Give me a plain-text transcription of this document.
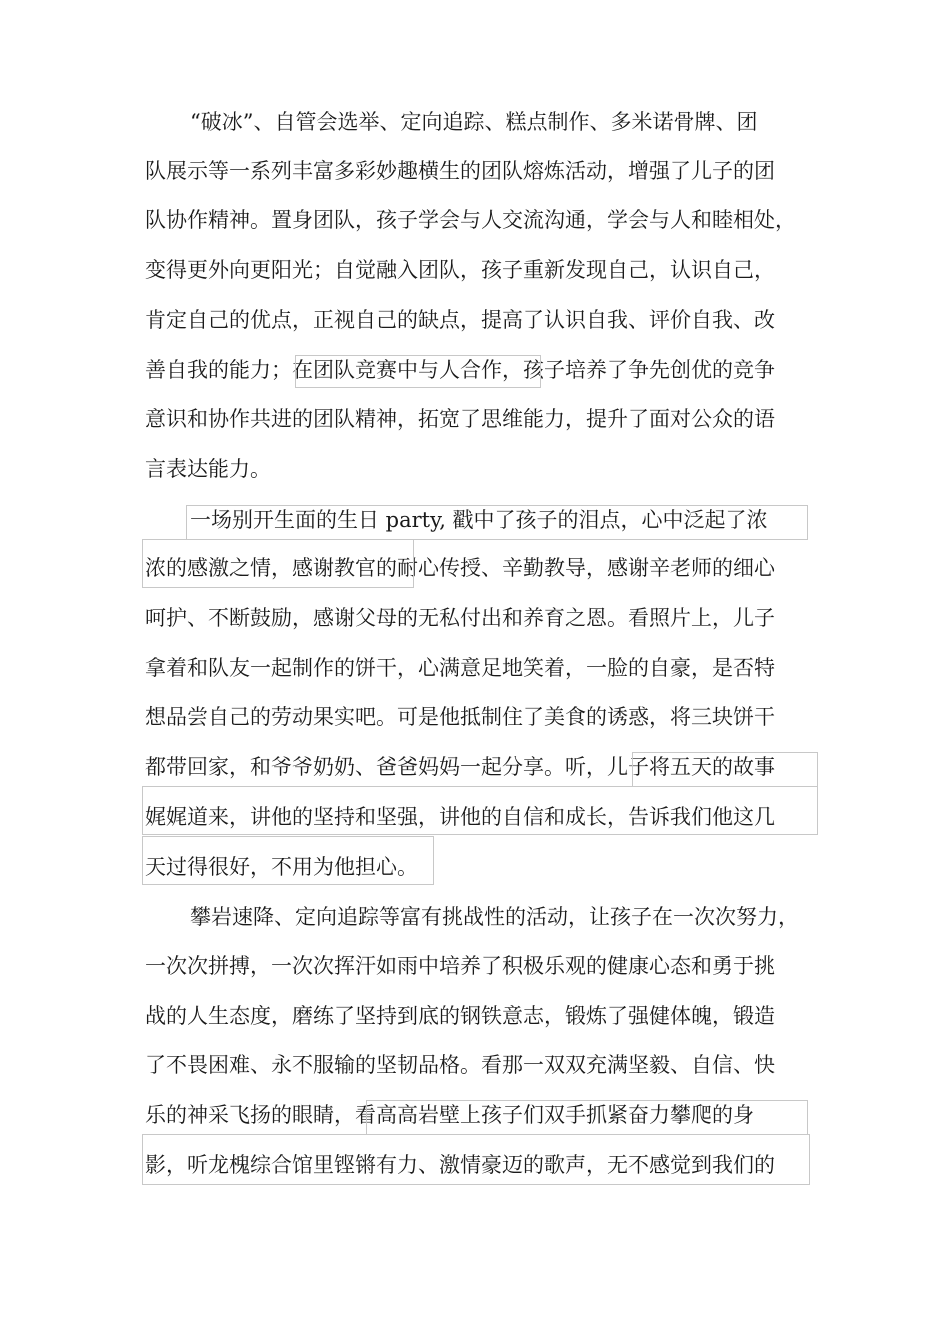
“破冰”、自管会选举、定向追踪、糕点制作、多米诺骨牌、团
队展示等一系列丰富多彩妙趣横生的团队熔炼活动，增强了儿子的团
队协作精神。置身团队，孩子学会与人交流沟通，学会与人和睦相处，
变得更外向更阳光；自觉融入团队，孩子重新发现自己，认识自己，
肯定自己的优点，正视自己的缺点，提高了认识自我、评价自我、改
善自我的能力；在团队竞赛中与人合作，孩子培养了争先创优的竞争
意识和协作共进的团队精神，拓宽了思维能力，提升了面对公众的语
言表达能力。
一场别开生面的生日 party, 戳中了孩子的泪点，心中泛起了浓
浓的感激之情，感谢教官的耐心传授、辛勤教导，感谢辛老师的细心
呵护、不断鼓励，感谢父母的无私付出和养育之恩。看照片上，儿子
拿着和队友一起制作的饼干，心满意足地笑着，一脸的自豪，是否特
想品尝自己的劳动果实吧。可是他抵制住了美食的诱惑，将三块饼干
都带回家，和爷爷奶奶、爸爸妈妈一起分享。听，儿子将五天的故事
娓娓道来，讲他的坚持和坚强，讲他的自信和成长，告诉我们他这几
天过得很好，不用为他担心。
攀岩速降、定向追踪等富有挑战性的活动，让孩子在一次次努力，
一次次拼搏，一次次挥汗如雨中培养了积极乐观的健康心态和勇于挑
战的人生态度，磨练了坚持到底的钢铁意志，锻炼了强健体魄，锻造
了不畏困难、永不服输的坚韧品格。看那一双双充满坚毅、自信、快
乐的神采飞扬的眼睛，看高高岩壁上孩子们双手抓紧奋力攀爬的身
影，听龙槐综合馆里铿锵有力、激情豪迈的歌声，无不感觉到我们的
